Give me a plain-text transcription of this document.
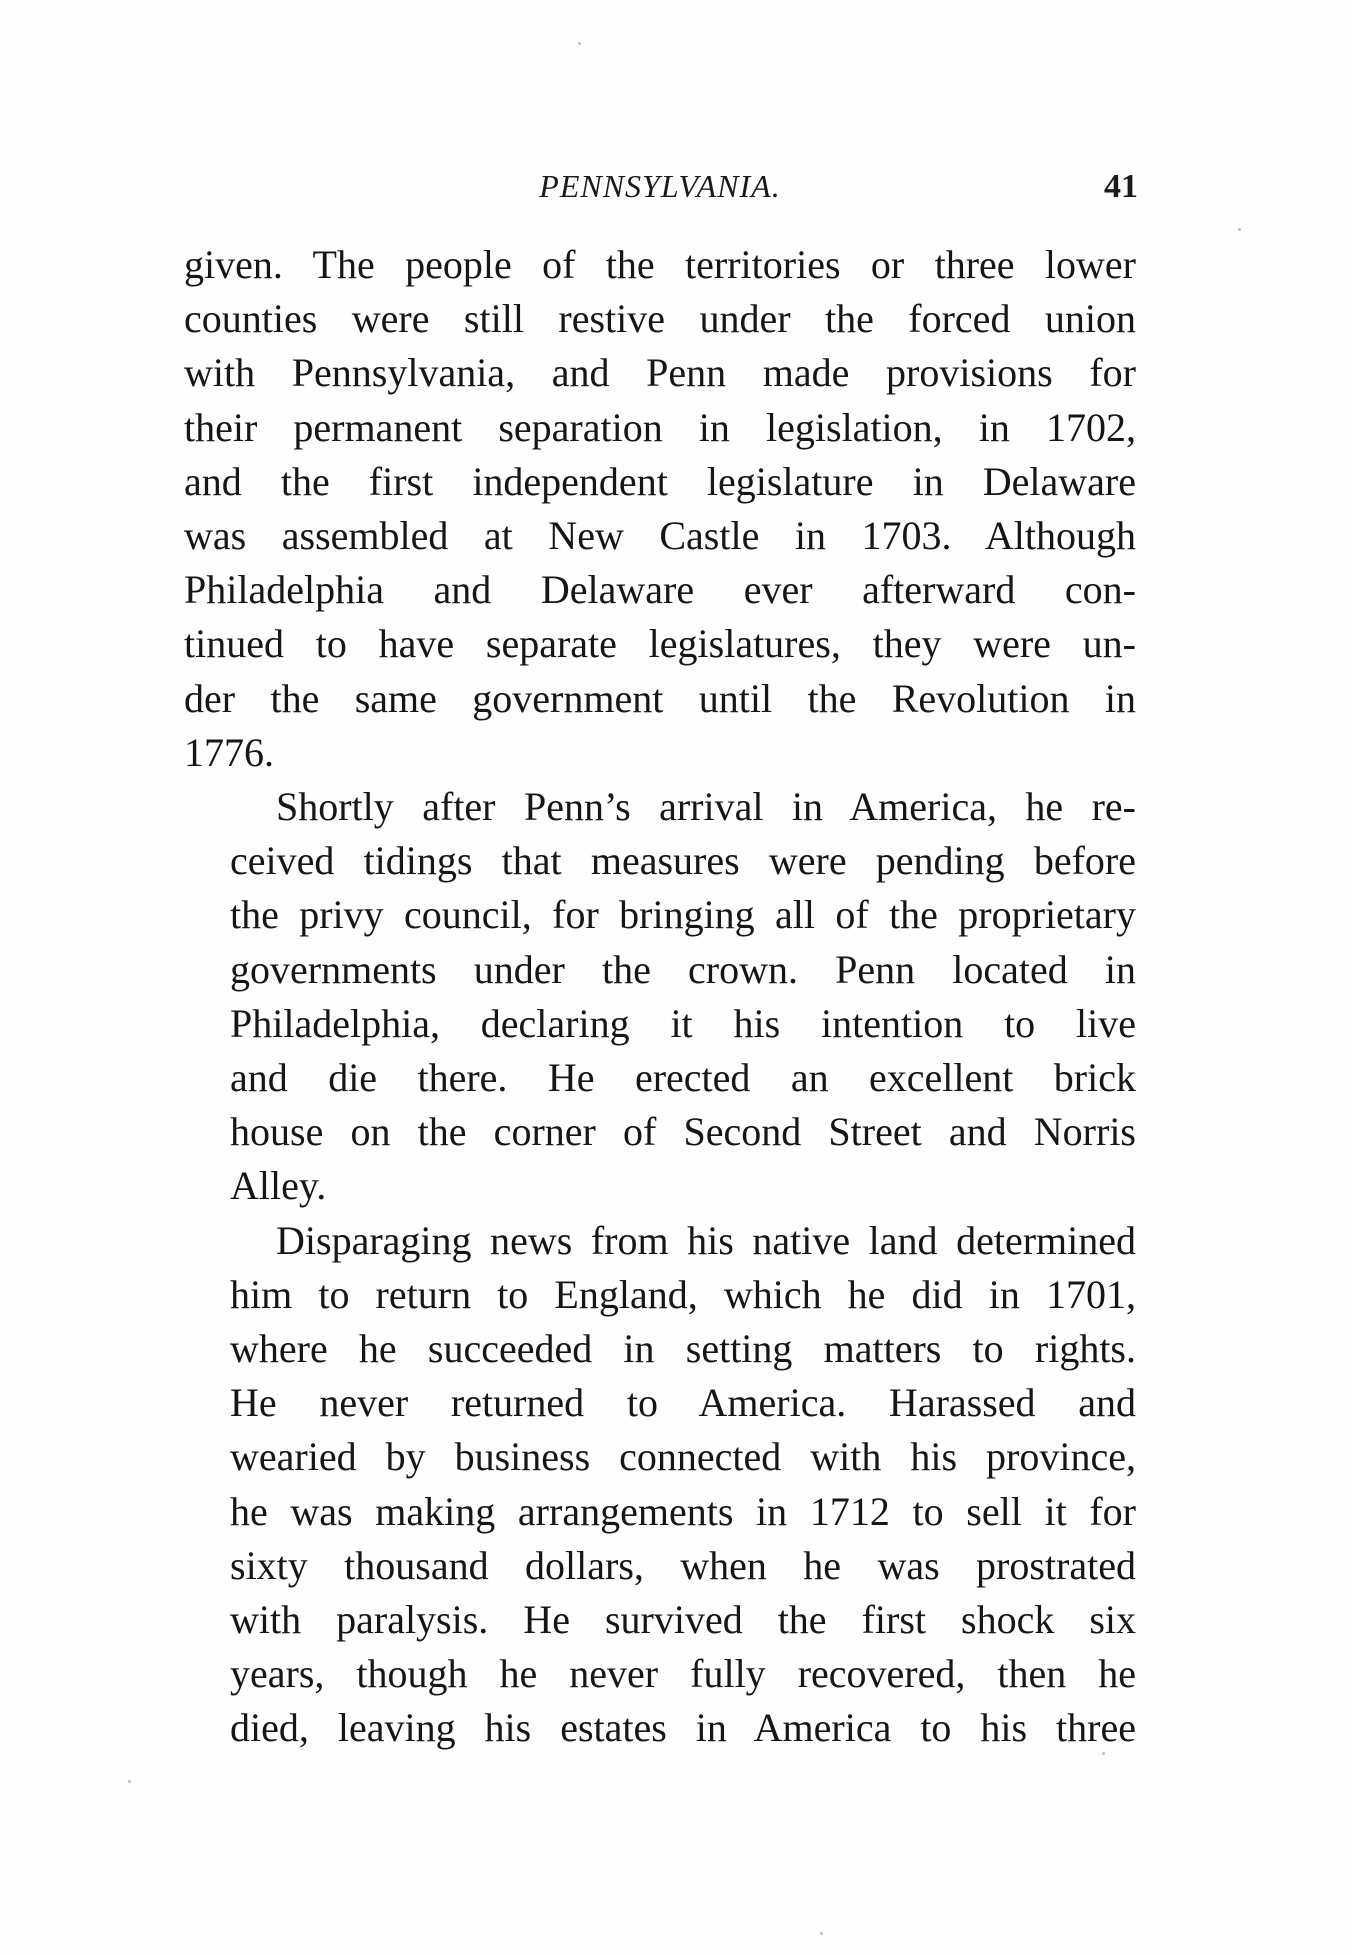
PENNSYLVANIA.	41

given. The people of the territories or three lower
counties were still restive under the forced union
with Pennsylvania, and Penn made provisions for
their permanent separation in legislation, in 1702,
and the first independent legislature in Delaware
was assembled at New Castle in 1703. Although
Philadelphia and Delaware ever afterward con-
tinued to have separate legislatures, they were un-
der the same government until the Revolution in
1776.

Shortly after Penn’s arrival in America, he re-
ceived tidings that measures were pending before
the privy council, for bringing all of the proprietary
governments under the crown. Penn located in
Philadelphia, declaring it his intention to live
and die there. He erected an excellent brick
house on the corner of Second Street and Norris
Alley.

Disparaging news from his native land determined
him to return to England, which he did in 1701,
where he succeeded in setting matters to rights.
He never returned to America. Harassed and
wearied by business connected with his province,
he was making arrangements in 1712 to sell it for
sixty thousand dollars, when he was prostrated
with paralysis. He survived the first shock six
years, though he never fully recovered, then he
died, leaving his estates in America to his three
